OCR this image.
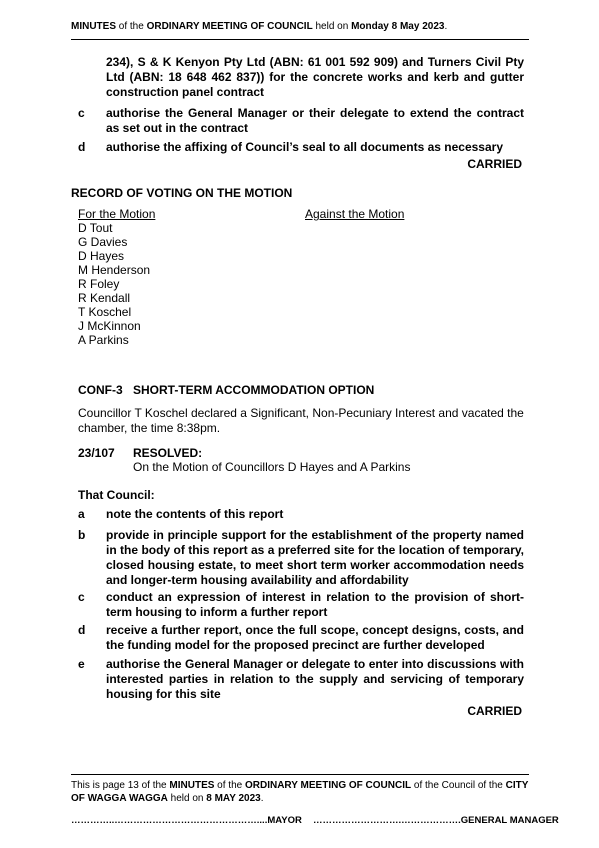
MINUTES of the ORDINARY MEETING OF COUNCIL held on Monday 8 May 2023.
234), S & K Kenyon Pty Ltd (ABN: 61 001 592 909) and Turners Civil Pty Ltd (ABN: 18 648 462 837)) for the concrete works and kerb and gutter construction panel contract
c authorise the General Manager or their delegate to extend the contract as set out in the contract
d authorise the affixing of Council’s seal to all documents as necessary
CARRIED
RECORD OF VOTING ON THE MOTION
For the Motion	Against the Motion
D Tout
G Davies
D Hayes
M Henderson
R Foley
R Kendall
T Koschel
J McKinnon
A Parkins
CONF-3 SHORT-TERM ACCOMMODATION OPTION
Councillor T Koschel declared a Significant, Non-Pecuniary Interest and vacated the chamber, the time 8:38pm.
23/107 RESOLVED:
On the Motion of Councillors D Hayes and A Parkins
That Council:
a note the contents of this report
b provide in principle support for the establishment of the property named in the body of this report as a preferred site for the location of temporary, closed housing estate, to meet short term worker accommodation needs and longer-term housing availability and affordability
c conduct an expression of interest in relation to the provision of short-term housing to inform a further report
d receive a further report, once the full scope, concept designs, costs, and the funding model for the proposed precinct are further developed
e authorise the General Manager or delegate to enter into discussions with interested parties in relation to the supply and servicing of temporary housing for this site
CARRIED
This is page 13 of the MINUTES of the ORDINARY MEETING OF COUNCIL of the Council of the CITY OF WAGGA WAGGA held on 8 MAY 2023.
…………..………………………………………....MAYOR ……………………….……………….GENERAL MANAGER
